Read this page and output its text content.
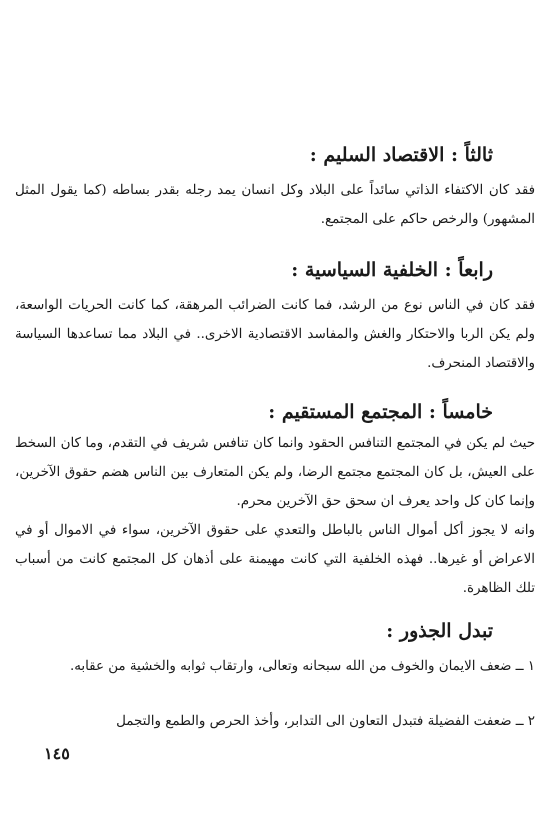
ثالثاً : الاقتصاد السليم :

فقد كان الاكتفاء الذاتي سائداً على البلاد وكل انسان يمد رجله بقدر بساطه (كما يقول المثل المشهور) والرخص حاكم على المجتمع.

رابعاً : الخلفية السياسية :

فقد كان في الناس نوع من الرشد، فما كانت الضرائب المرهقة، كما كانت الحريات الواسعة، ولم يكن الربا والاحتكار والغش والمفاسد الاقتصادية الاخرى.. في البلاد مما تساعدها السياسة والاقتصاد المنحرف.

خامساً : المجتمع المستقيم :

حيث لم يكن في المجتمع التنافس الحقود وانما كان تنافس شريف في التقدم، وما كان السخط على العيش، بل كان المجتمع مجتمع الرضا، ولم يكن المتعارف بين الناس هضم حقوق الآخرين، وإنما كان كل واحد يعرف ان سحق حق الآخرين محرم.

وانه لا يجوز أكل أموال الناس بالباطل والتعدي على حقوق الآخرين، سواء في الاموال أو في الاعراض أو غيرها.. فهذه الخلفية التي كانت مهيمنة على أذهان كل المجتمع كانت من أسباب تلك الظاهرة.

تبدل الجذور :

١ ــ ضعف الايمان والخوف من الله سبحانه وتعالى، وارتقاب ثوابه والخشية من عقابه.

٢ ــ ضعفت الفضيلة فتبدل التعاون الى التدابر، وأخذ الحرص والطمع والتجمل

١٤٥
